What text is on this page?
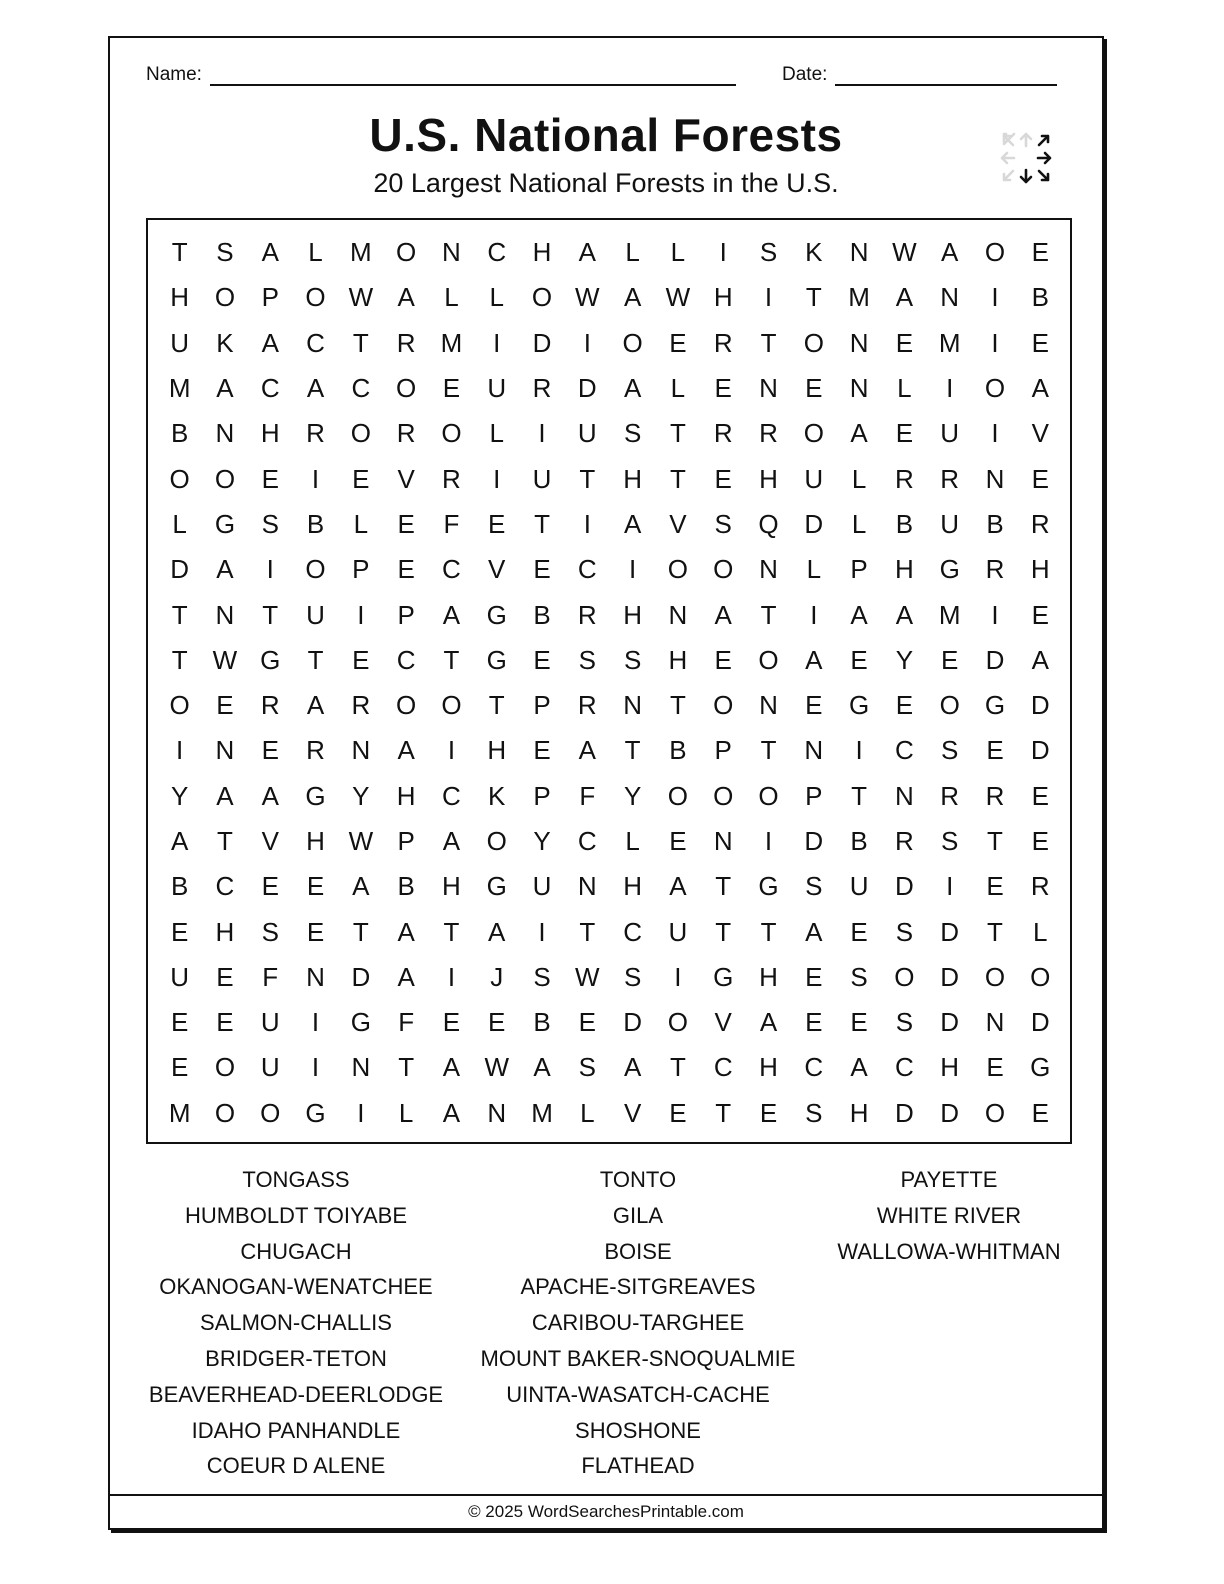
Name:	Date:
U.S. National Forests
20 Largest National Forests in the U.S.
T	S	A	L	M O N	C	H	A	L	L	I	S	K	N W A	O	E
H O	P	O W A	L	L	O W A W H	I	T	M A	N	I	B
U	K	A	C	T	R M	I	D	I	O	E	R	T	O N	E M	I	E
M A	C	A	C O	E	U	R	D	A	L	E	N	E	N	L	I	O	A
B	N	H	R O R O	L	I	U	S	T	R	R O	A	E	U	I	V
O O	E	I	E	V	R	I	U	T	H	T	E	H	U	L	R	R	N	E
L	G	S	B	L	E	F	E	T	I	A	V	S	Q D	L	B	U	B	R
D	A	I	O	P	E	C	V	E	C	I	O O N	L	P	H G R	H
T	N	T	U	I	P	A	G	B	R	H	N	A	T	I	A	A M	I	E
T W G	T	E	C	T	G	E	S	S	H	E	O	A	E	Y	E	D	A
O	E	R	A	R O O	T	P	R	N	T	O N	E	G	E	O G D
I	N	E	R	N	A	I	H	E	A	T	B	P	T	N	I	C	S	E	D
Y	A	A	G	Y	H	C	K	P	F	Y	O O O	P	T	N	R	R	E
A	T	V	H W P	A	O	Y	C	L	E	N	I	D	B	R	S	T	E
B	C	E	E	A	B	H G U	N	H	A	T	G	S	U	D	I	E	R
E	H	S	E	T	A	T	A	I	T	C	U	T	T	A	E	S	D	T	L
U	E	F	N	D	A	I	J	S W S	I	G H	E	S	O D O O
E	E	U	I	G	F	E	E	B	E	D O	V	A	E	E	S	D	N	D
E	O U	I	N	T	A W A	S	A	T	C	H	C	A	C	H	E	G
M O O G	I	L	A	N M	L	V	E	T	E	S	H	D	D O	E
TONGASS
HUMBOLDT TOIYABE
CHUGACH
OKANOGAN-WENATCHEE
SALMON-CHALLIS
BRIDGER-TETON
BEAVERHEAD-DEERLODGE
IDAHO PANHANDLE
COEUR D ALENE
TONTO
GILA
BOISE
APACHE-SITGREAVES
CARIBOU-TARGHEE
MOUNT BAKER-SNOQUALMIE
UINTA-WASATCH-CACHE
SHOSHONE
FLATHEAD
PAYETTE
WHITE RIVER
WALLOWA-WHITMAN
© 2025 WordSearchesPrintable.com
